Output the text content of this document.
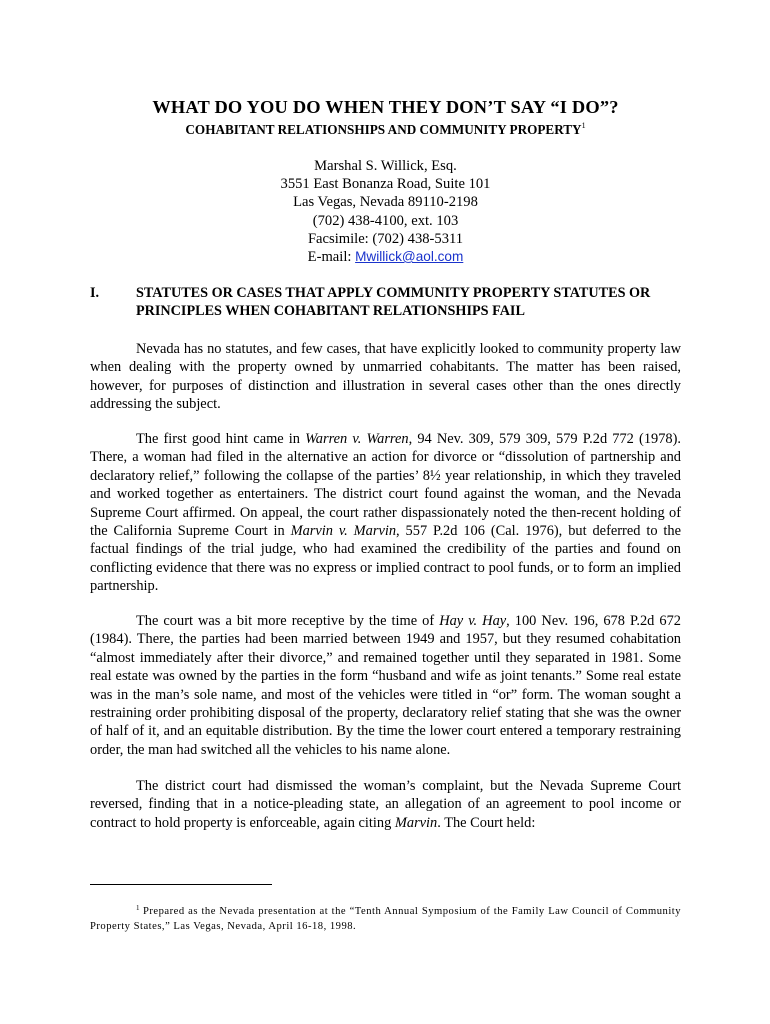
WHAT DO YOU DO WHEN THEY DON’T SAY “I DO”?
COHABITANT RELATIONSHIPS AND COMMUNITY PROPERTY$^1$
Marshal S. Willick, Esq.
3551 East Bonanza Road, Suite 101
Las Vegas, Nevada 89110-2198
(702) 438-4100, ext. 103
Facsimile: (702) 438-5311
E-mail: Mwillick@aol.com
I.	STATUTES OR CASES THAT APPLY COMMUNITY PROPERTY STATUTES OR PRINCIPLES WHEN COHABITANT RELATIONSHIPS FAIL

Nevada has no statutes, and few cases, that have explicitly looked to community property law when dealing with the property owned by unmarried cohabitants. The matter has been raised, however, for purposes of distinction and illustration in several cases other than the ones directly addressing the subject.

The first good hint came in Warren v. Warren, 94 Nev. 309, 579 309, 579 P.2d 772 (1978). There, a woman had filed in the alternative an action for divorce or “dissolution of partnership and declaratory relief,” following the collapse of the parties’ 8½ year relationship, in which they traveled and worked together as entertainers. The district court found against the woman, and the Nevada Supreme Court affirmed. On appeal, the court rather dispassionately noted the then-recent holding of the California Supreme Court in Marvin v. Marvin, 557 P.2d 106 (Cal. 1976), but deferred to the factual findings of the trial judge, who had examined the credibility of the parties and found on conflicting evidence that there was no express or implied contract to pool funds, or to form an implied partnership.

The court was a bit more receptive by the time of Hay v. Hay, 100 Nev. 196, 678 P.2d 672 (1984). There, the parties had been married between 1949 and 1957, but they resumed cohabitation “almost immediately after their divorce,” and remained together until they separated in 1981. Some real estate was owned by the parties in the form “husband and wife as joint tenants.” Some real estate was in the man’s sole name, and most of the vehicles were titled in “or” form. The woman sought a restraining order prohibiting disposal of the property, declaratory relief stating that she was the owner of half of it, and an equitable distribution. By the time the lower court entered a temporary restraining order, the man had switched all the vehicles to his name alone.

The district court had dismissed the woman’s complaint, but the Nevada Supreme Court reversed, finding that in a notice-pleading state, an allegation of an agreement to pool income or contract to hold property is enforceable, again citing Marvin. The Court held:

$^1$ Prepared as the Nevada presentation at the “Tenth Annual Symposium of the Family Law Council of Community Property States,” Las Vegas, Nevada, April 16-18, 1998.
